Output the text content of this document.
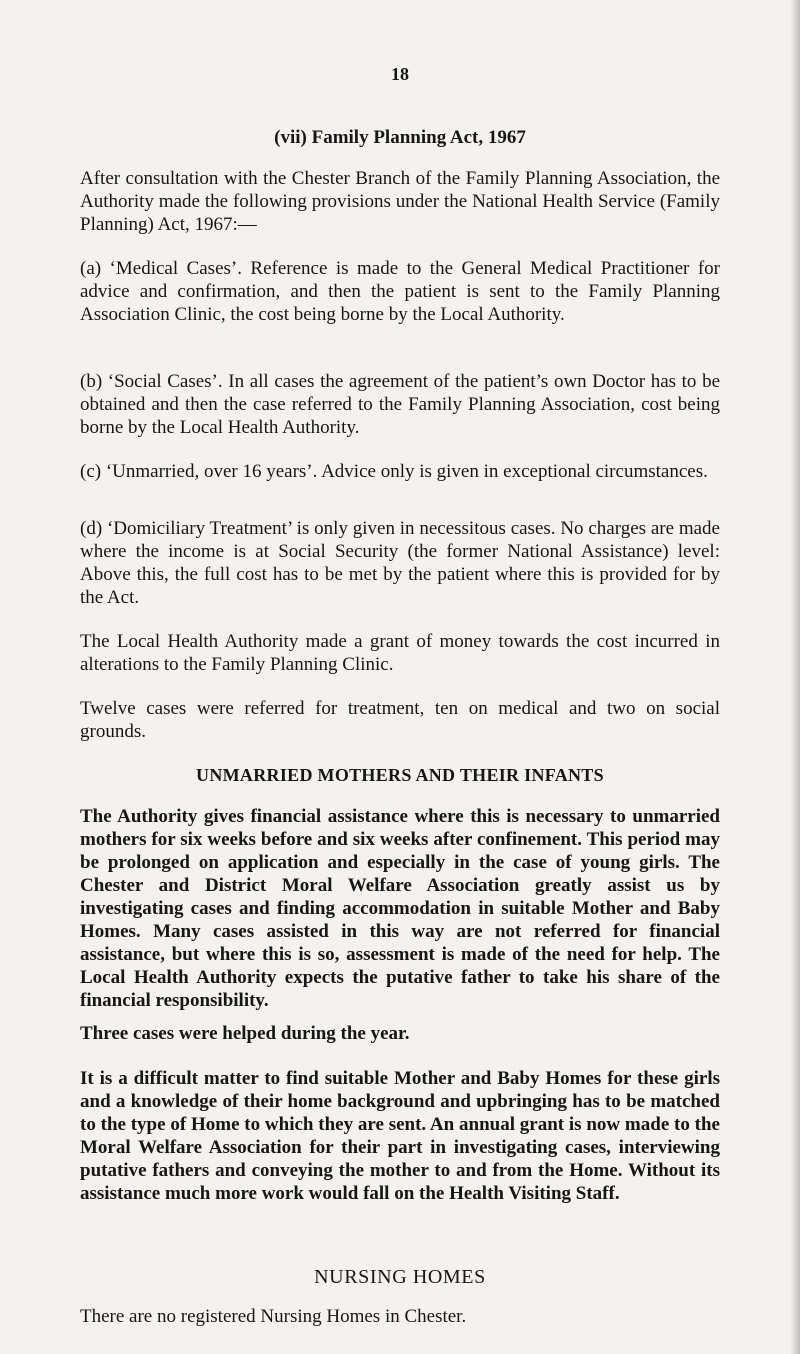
18
(vii) Family Planning Act, 1967

After consultation with the Chester Branch of the Family Planning Association, the Authority made the following provisions under the National Health Service (Family Planning) Act, 1967:—

(a) ‘Medical Cases’. Reference is made to the General Medical Practitioner for advice and confirmation, and then the patient is sent to the Family Planning Association Clinic, the cost being borne by the Local Authority.

(b) ‘Social Cases’. In all cases the agreement of the patient’s own Doctor has to be obtained and then the case referred to the Family Planning Association, cost being borne by the Local Health Authority.

(c) ‘Unmarried, over 16 years’. Advice only is given in exceptional circumstances.

(d) ‘Domiciliary Treatment’ is only given in necessitous cases. No charges are made where the income is at Social Security (the former National Assistance) level: Above this, the full cost has to be met by the patient where this is provided for by the Act.

The Local Health Authority made a grant of money towards the cost incurred in alterations to the Family Planning Clinic.

Twelve cases were referred for treatment, ten on medical and two on social grounds.

UNMARRIED MOTHERS AND THEIR INFANTS

The Authority gives financial assistance where this is necessary to unmarried mothers for six weeks before and six weeks after confinement. This period may be prolonged on application and especially in the case of young girls. The Chester and District Moral Welfare Association greatly assist us by investigating cases and finding accommodation in suitable Mother and Baby Homes. Many cases assisted in this way are not referred for financial assistance, but where this is so, assessment is made of the need for help. The Local Health Authority expects the putative father to take his share of the financial responsibility.

Three cases were helped during the year.

It is a difficult matter to find suitable Mother and Baby Homes for these girls and a knowledge of their home background and upbringing has to be matched to the type of Home to which they are sent. An annual grant is now made to the Moral Welfare Association for their part in investigating cases, interviewing putative fathers and conveying the mother to and from the Home. Without its assistance much more work would fall on the Health Visiting Staff.

NURSING HOMES

There are no registered Nursing Homes in Chester.
